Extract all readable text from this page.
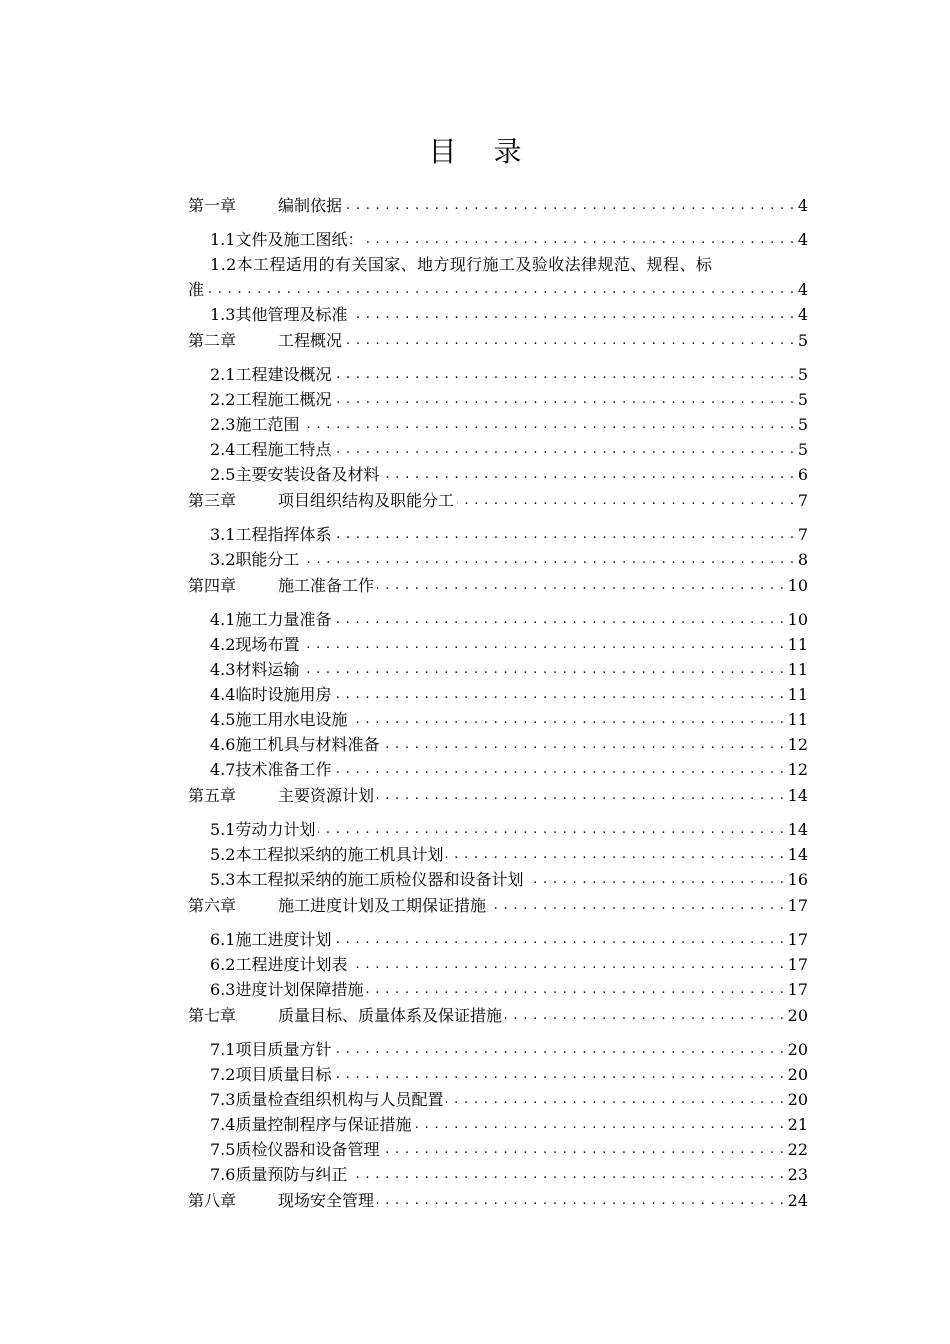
目 录
第一章	编制依据 . . .	4
1.1 文件及施工图纸： . . .	4
1.2 本工程适用的有关国家、地方现行施工及验收法律规范、规程、标
准 . . .	4
1.3 其他管理及标准 . . .	4
第二章	工程概况 . . .	5
2.1 工程建设概况 . . .	5
2.2 工程施工概况 . . .	5
2.3 施工范围 . . .	5
2.4 工程施工特点 . . .	5
2.5 主要安装设备及材料 . . .	6
第三章	项目组织结构及职能分工 . . .	7
3.1 工程指挥体系 . . .	7
3.2 职能分工 . . .	8
第四章	施工准备工作 . . .	10
4.1 施工力量准备 . . .	10
4.2 现场布置 . . .	11
4.3 材料运输 . . .	11
4.4 临时设施用房 . . .	11
4.5 施工用水电设施 . . .	11
4.6 施工机具与材料准备 . . .	12
4.7 技术准备工作 . . .	12
第五章	主要资源计划 . . .	14
5.1 劳动力计划 . . .	14
5.2 本工程拟采纳的施工机具计划 . . .	14
5.3 本工程拟采纳的施工质检仪器和设备计划 . . .	16
第六章	施工进度计划及工期保证措施 . . .	17
6.1 施工进度计划 . . .	17
6.2 工程进度计划表 . . .	17
6.3 进度计划保障措施 . . .	17
第七章	质量目标、质量体系及保证措施 . . .	20
7.1 项目质量方针 . . .	20
7.2 项目质量目标 . . .	20
7.3 质量检查组织机构与人员配置 . . .	20
7.4 质量控制程序与保证措施 . . .	21
7.5 质检仪器和设备管理 . . .	22
7.6 质量预防与纠正 . . .	23
第八章	现场安全管理 . . .	24
